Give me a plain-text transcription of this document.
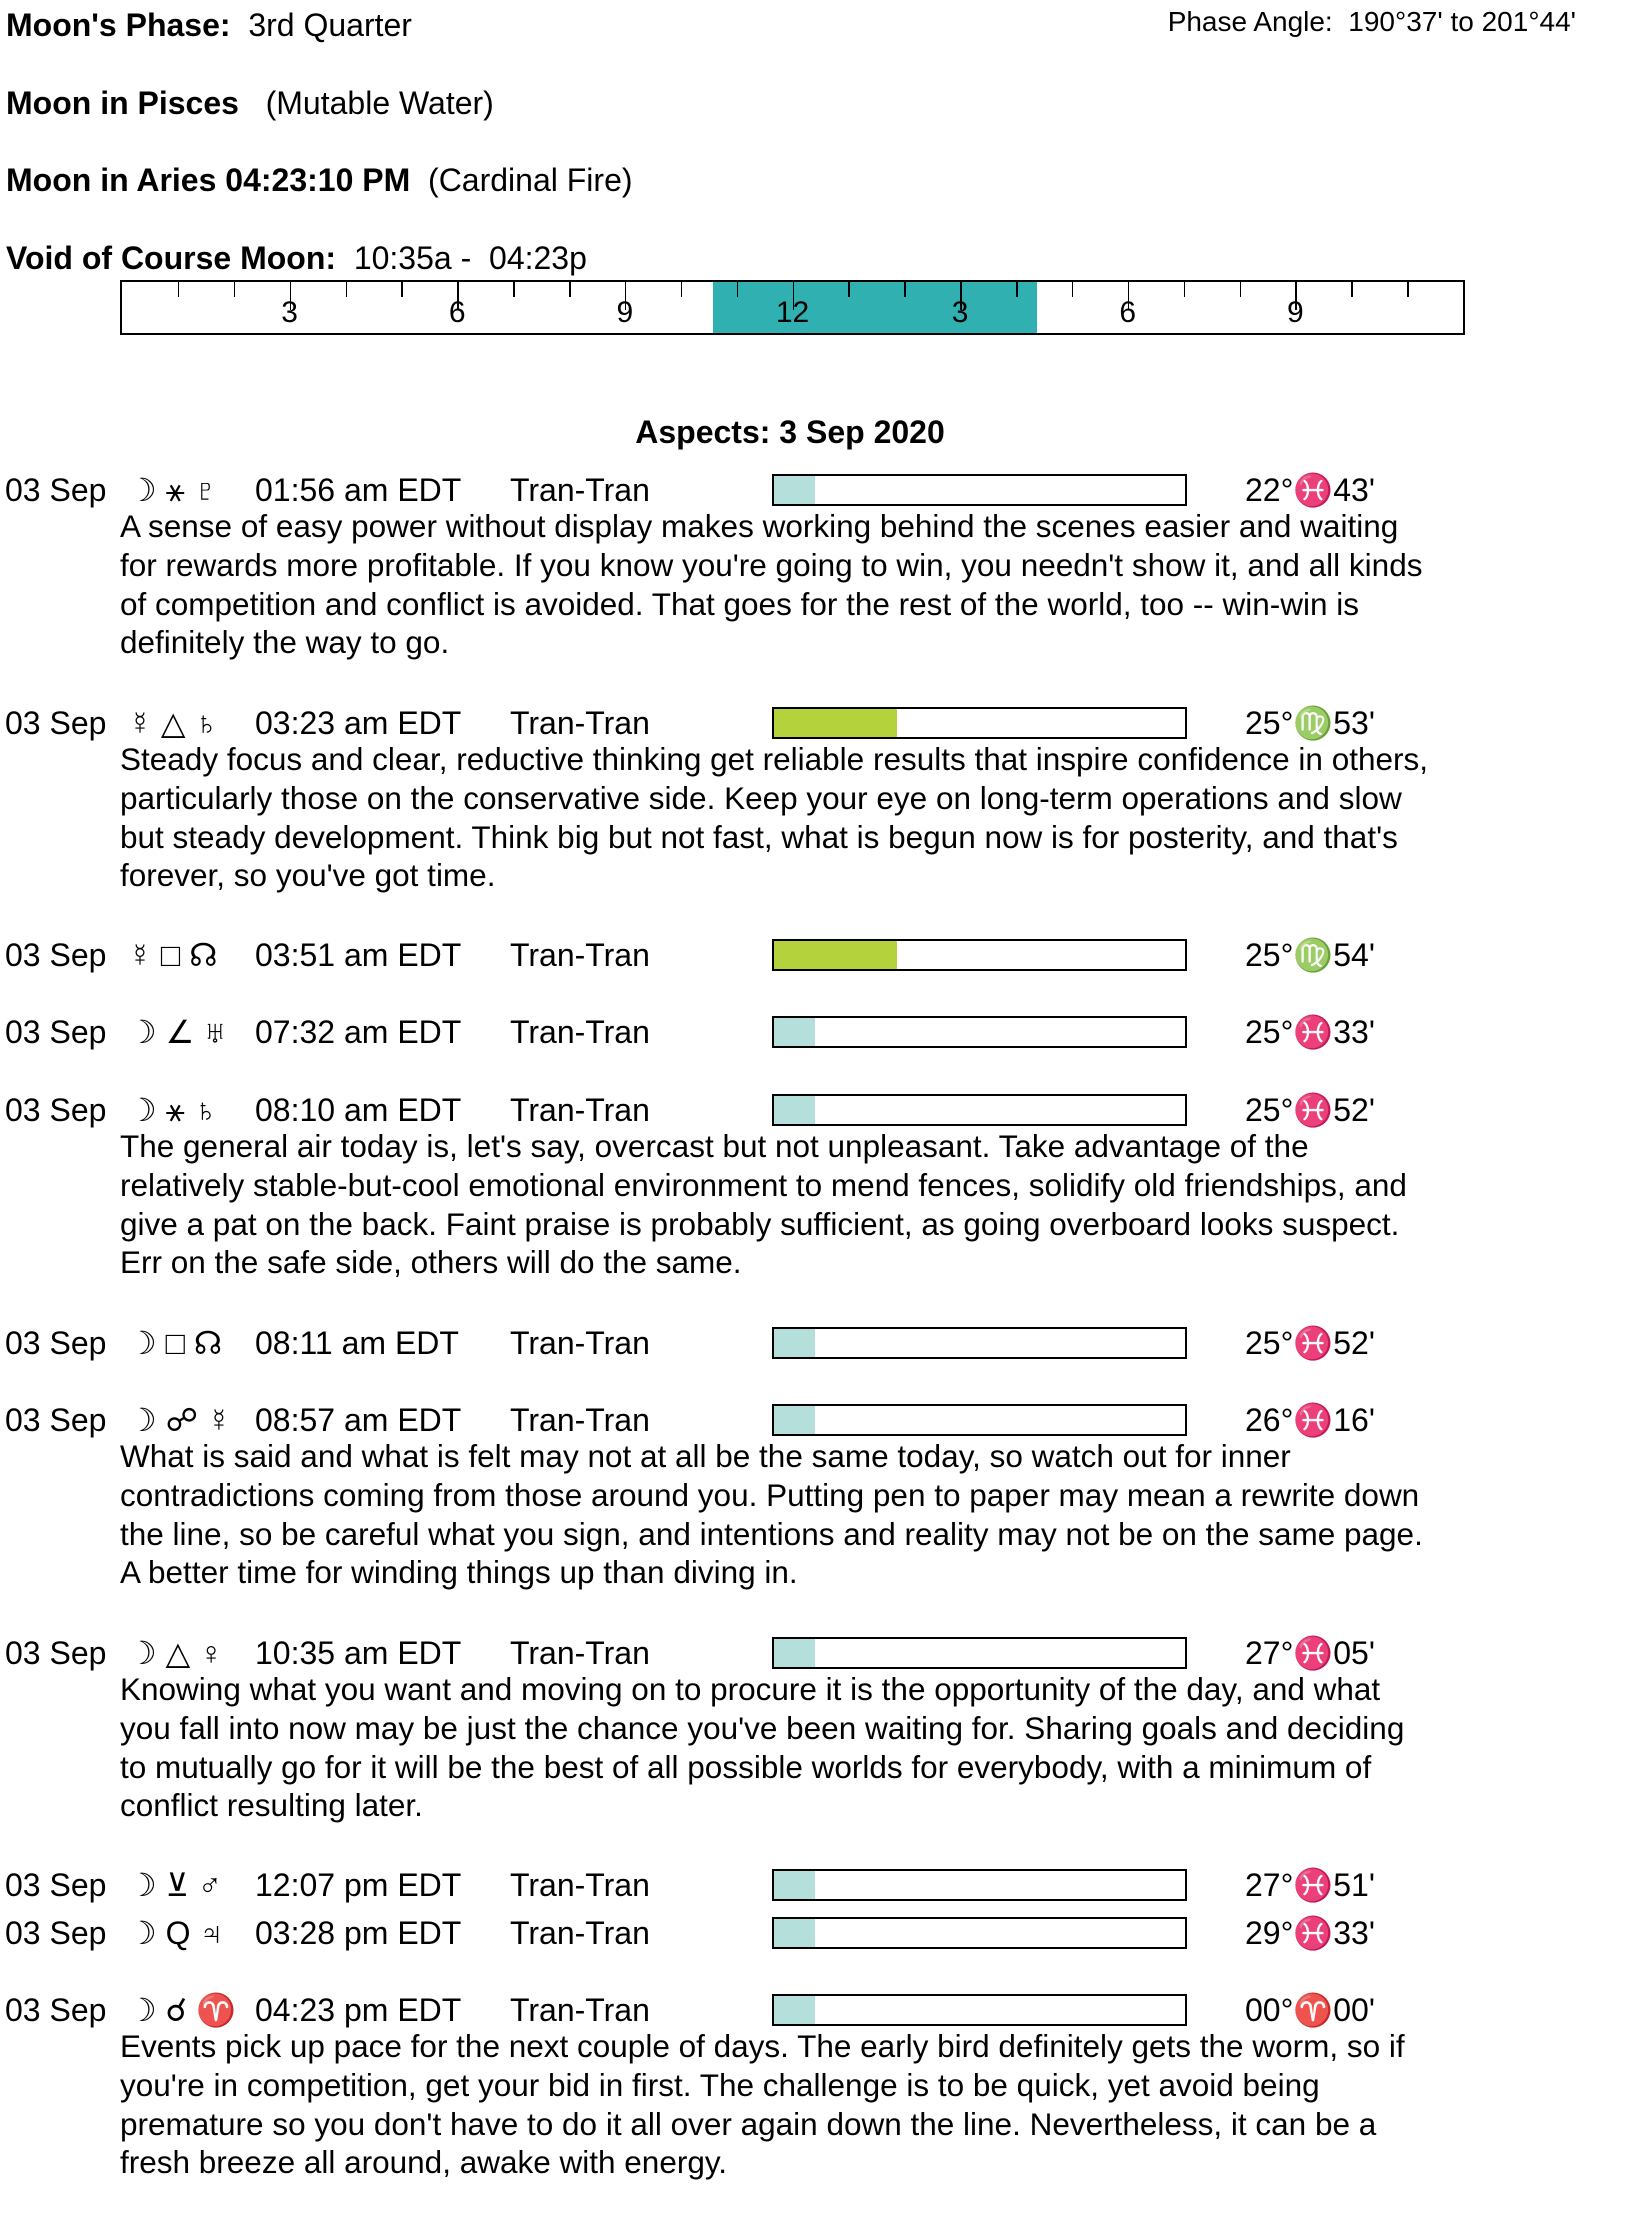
Moon's Phase: 3rd Quarter	Phase Angle: 190°37' to 201°44'
Moon in Pisces (Mutable Water)
Moon in Aries 04:23:10 PM (Cardinal Fire)
Void of Course Moon: 10:35a -  04:23p
3	6	9	12	3	6	9
Aspects: 3 Sep 2020
03 Sep ☽ ⚹ ♇ 01:56 am EDT Tran-Tran	22°♓43'
A sense of easy power without display makes working behind the scenes easier and waiting
for rewards more profitable. If you know you're going to win, you needn't show it, and all kinds
of competition and conflict is avoided. That goes for the rest of the world, too -- win-win is
definitely the way to go.
03 Sep ☿ △ ♄ 03:23 am EDT Tran-Tran	25°♍53'
Steady focus and clear, reductive thinking get reliable results that inspire confidence in others,
particularly those on the conservative side. Keep your eye on long-term operations and slow
but steady development. Think big but not fast, what is begun now is for posterity, and that's
forever, so you've got time.
03 Sep ☿ □ ☊ 03:51 am EDT Tran-Tran	25°♍54'
03 Sep ☽ ∠ ♅ 07:32 am EDT Tran-Tran	25°♓33'
03 Sep ☽ ⚹ ♄ 08:10 am EDT Tran-Tran	25°♓52'
The general air today is, let's say, overcast but not unpleasant. Take advantage of the
relatively stable-but-cool emotional environment to mend fences, solidify old friendships, and
give a pat on the back. Faint praise is probably sufficient, as going overboard looks suspect.
Err on the safe side, others will do the same.
03 Sep ☽ □ ☊ 08:11 am EDT Tran-Tran	25°♓52'
03 Sep ☽ ☍ ☿ 08:57 am EDT Tran-Tran	26°♓16'
What is said and what is felt may not at all be the same today, so watch out for inner
contradictions coming from those around you. Putting pen to paper may mean a rewrite down
the line, so be careful what you sign, and intentions and reality may not be on the same page.
A better time for winding things up than diving in.
03 Sep ☽ △ ♀ 10:35 am EDT Tran-Tran	27°♓05'
Knowing what you want and moving on to procure it is the opportunity of the day, and what
you fall into now may be just the chance you've been waiting for. Sharing goals and deciding
to mutually go for it will be the best of all possible worlds for everybody, with a minimum of
conflict resulting later.
03 Sep ☽ ⊻ ♂ 12:07 pm EDT Tran-Tran	27°♓51'
03 Sep ☽ Q ♃ 03:28 pm EDT Tran-Tran	29°♓33'
03 Sep ☽ ☌ ♈ 04:23 pm EDT Tran-Tran	00°♈00'
Events pick up pace for the next couple of days. The early bird definitely gets the worm, so if
you're in competition, get your bid in first. The challenge is to be quick, yet avoid being
premature so you don't have to do it all over again down the line. Nevertheless, it can be a
fresh breeze all around, awake with energy.
